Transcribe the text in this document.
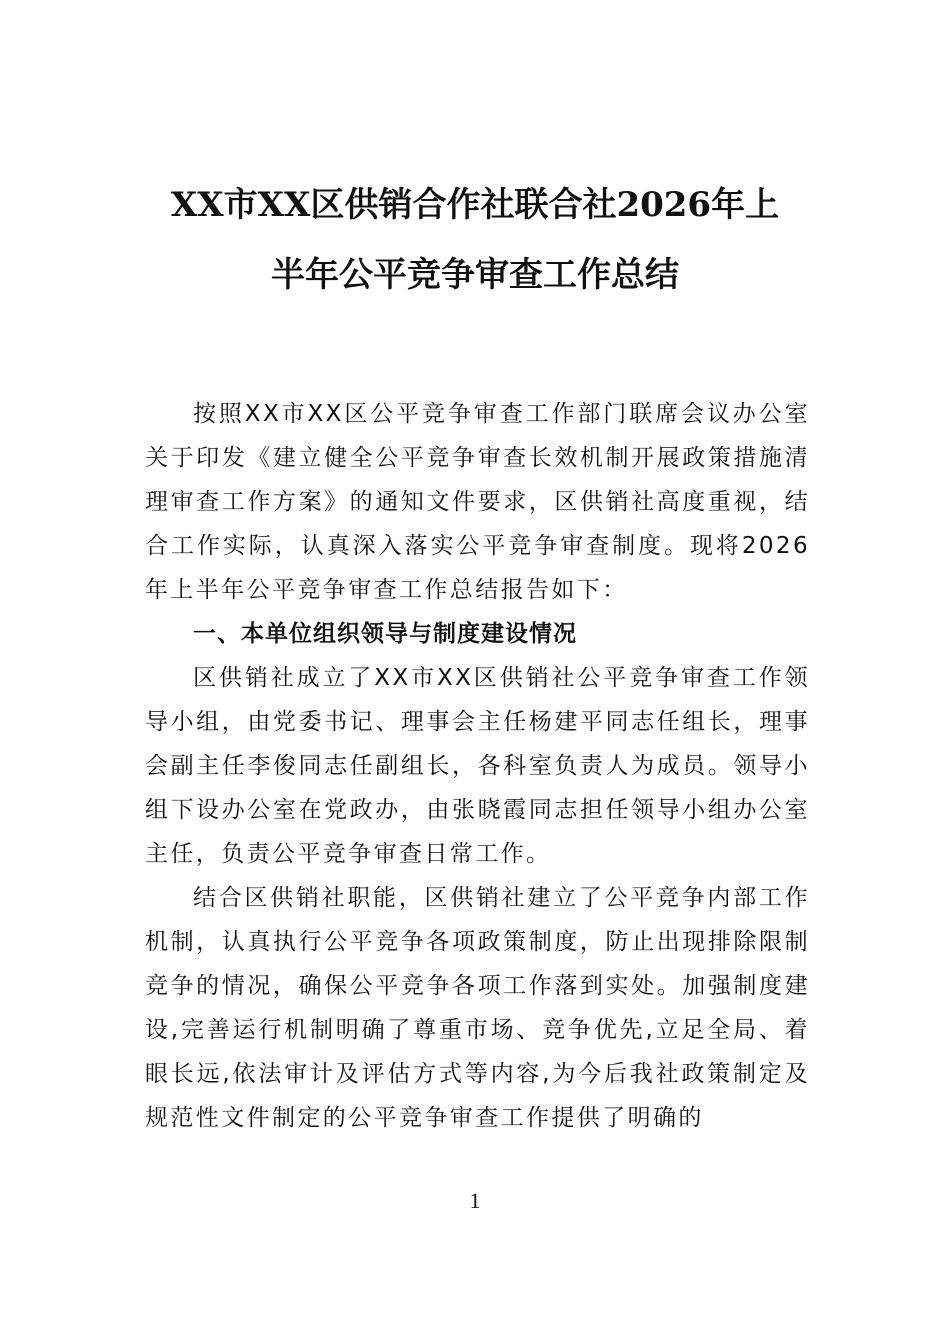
XX市XX区供销合作社联合社2026年上
半年公平竞争审查工作总结

按照XX市XX区公平竞争审查工作部门联席会议办公室关于印发《建立健全公平竞争审查长效机制开展政策措施清理审查工作方案》的通知文件要求，区供销社高度重视，结合工作实际，认真深入落实公平竞争审查制度。现将2026年上半年公平竞争审查工作总结报告如下：

一、本单位组织领导与制度建设情况

区供销社成立了XX市XX区供销社公平竞争审查工作领导小组，由党委书记、理事会主任杨建平同志任组长，理事会副主任李俊同志任副组长，各科室负责人为成员。领导小组下设办公室在党政办，由张晓霞同志担任领导小组办公室主任，负责公平竞争审查日常工作。

结合区供销社职能，区供销社建立了公平竞争内部工作机制，认真执行公平竞争各项政策制度，防止出现排除限制竞争的情况，确保公平竞争各项工作落到实处。加强制度建设,完善运行机制明确了尊重市场、竞争优先,立足全局、着眼长远,依法审计及评估方式等内容,为今后我社政策制定及规范性文件制定的公平竞争审查工作提供了明确的

1
